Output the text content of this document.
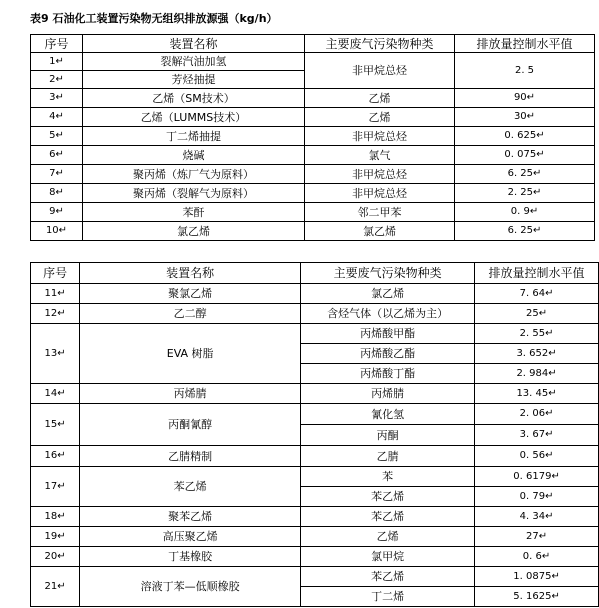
表9 石油化工装置污染物无组织排放源强（kg/h）
序号	装置名称	主要废气污染物种类	排放量控制水平值
1↵	裂解汽油加氢	非甲烷总烃	2. 5
2↵	芳烃抽提		
3↵	乙烯（SM技术）	乙烯	90↵
4↵	乙烯（LUMMS技术）	乙烯	30↵
5↵	丁二烯抽提	非甲烷总烃	0. 625↵
6↵	烧碱	氯气	0. 075↵
7↵	聚丙烯（炼厂气为原料）	非甲烷总烃	6. 25↵
8↵	聚丙烯（裂解气为原料）	非甲烷总烃	2. 25↵
9↵	苯酐	邻二甲苯	0. 9↵
10↵	氯乙烯	氯乙烯	6. 25↵
序号	装置名称	主要废气污染物种类	排放量控制水平值
11↵	聚氯乙烯	氯乙烯	7. 64↵
12↵	乙二醇	含烃气体（以乙烯为主）	25↵
13↵	EVA 树脂	丙烯酸甲酯	2. 55↵
		丙烯酸乙酯	3. 652↵
		丙烯酸丁酯	2. 984↵
14↵	丙烯腈	丙烯腈	13. 45↵
15↵	丙酮氰醇	氰化氢	2. 06↵
		丙酮	3. 67↵
16↵	乙腈精制	乙腈	0. 56↵
17↵	苯乙烯	苯	0. 6179↵
		苯乙烯	0. 79↵
18↵	聚苯乙烯	苯乙烯	4. 34↵
19↵	高压聚乙烯	乙烯	27↵
20↵	丁基橡胶	氯甲烷	0. 6↵
21↵	溶液丁苯—低顺橡胶	苯乙烯	1. 0875↵
		丁二烯	5. 1625↵
